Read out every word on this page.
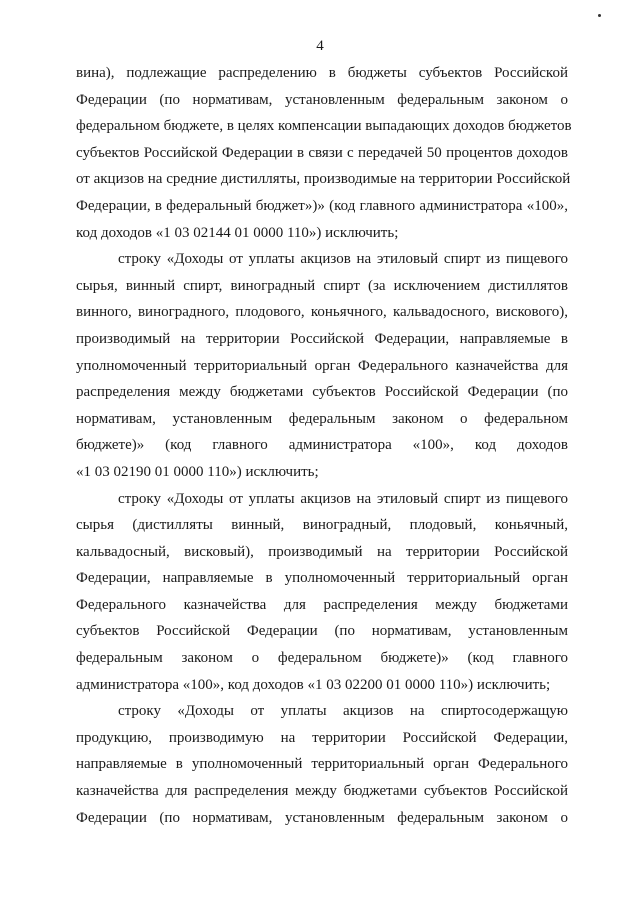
4
вина), подлежащие распределению в бюджеты субъектов Российской
Федерации (по нормативам, установленным федеральным законом о
федеральном бюджете, в целях компенсации выпадающих доходов бюджетов
субъектов Российской Федерации в связи с передачей 50 процентов доходов
от акцизов на средние дистилляты, производимые на территории Российской
Федерации, в федеральный бюджет»)» (код главного администратора «100»,
код доходов «1 03 02144 01 0000 110») исключить;
строку «Доходы от уплаты акцизов на этиловый спирт из пищевого
сырья, винный спирт, виноградный спирт (за исключением дистиллятов
винного, виноградного, плодового, коньячного, кальвадосного, вискового),
производимый на территории Российской Федерации, направляемые в
уполномоченный территориальный орган Федерального казначейства для
распределения между бюджетами субъектов Российской Федерации (по
нормативам, установленным федеральным законом о федеральном
бюджете)» (код главного администратора «100», код доходов
«1 03 02190 01 0000 110») исключить;
строку «Доходы от уплаты акцизов на этиловый спирт из пищевого
сырья (дистилляты винный, виноградный, плодовый, коньячный,
кальвадосный, висковый), производимый на территории Российской
Федерации, направляемые в уполномоченный территориальный орган
Федерального казначейства для распределения между бюджетами
субъектов Российской Федерации (по нормативам, установленным
федеральным законом о федеральном бюджете)» (код главного
администратора «100», код доходов «1 03 02200 01 0000 110») исключить;
строку «Доходы от уплаты акцизов на спиртосодержащую
продукцию, производимую на территории Российской Федерации,
направляемые в уполномоченный территориальный орган Федерального
казначейства для распределения между бюджетами субъектов Российской
Федерации (по нормативам, установленным федеральным законом о
